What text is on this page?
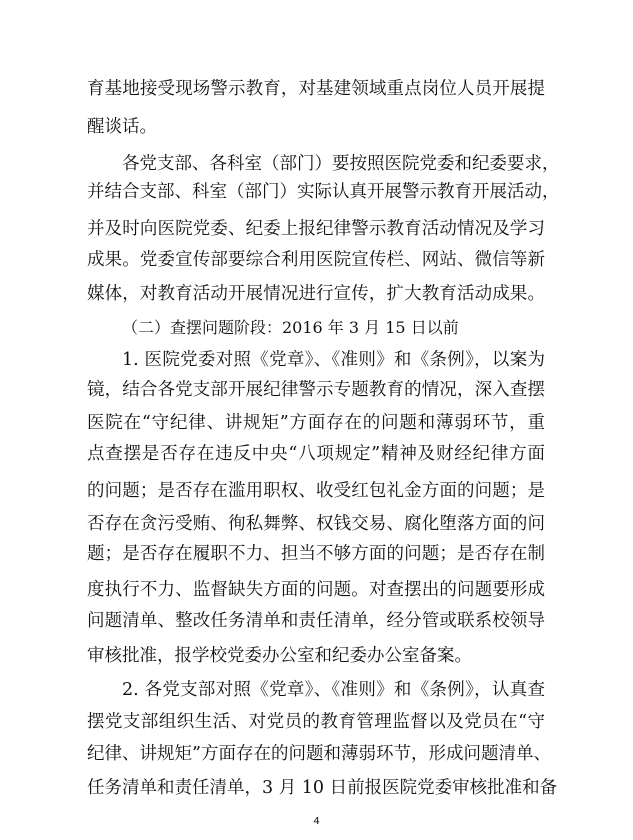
育基地接受现场警示教育，对基建领域重点岗位人员开展提
醒谈话。
各党支部、各科室（部门）要按照医院党委和纪委要求，
并结合支部、科室（部门）实际认真开展警示教育开展活动，
并及时向医院党委、纪委上报纪律警示教育活动情况及学习
成果。党委宣传部要综合利用医院宣传栏、网站、微信等新
媒体，对教育活动开展情况进行宣传，扩大教育活动成果。
（二）查摆问题阶段：2016 年 3 月 15 日以前
1. 医院党委对照《党章》、《准则》和《条例》，以案为
镜，结合各党支部开展纪律警示专题教育的情况，深入查摆
医院在“守纪律、讲规矩”方面存在的问题和薄弱环节，重
点查摆是否存在违反中央“八项规定”精神及财经纪律方面
的问题；是否存在滥用职权、收受红包礼金方面的问题；是
否存在贪污受贿、徇私舞弊、权钱交易、腐化堕落方面的问
题；是否存在履职不力、担当不够方面的问题；是否存在制
度执行不力、监督缺失方面的问题。对查摆出的问题要形成
问题清单、整改任务清单和责任清单，经分管或联系校领导
审核批准，报学校党委办公室和纪委办公室备案。
2. 各党支部对照《党章》、《准则》和《条例》，认真查
摆党支部组织生活、对党员的教育管理监督以及党员在“守
纪律、讲规矩”方面存在的问题和薄弱环节，形成问题清单、
任务清单和责任清单，3 月 10 日前报医院党委审核批准和备
4
